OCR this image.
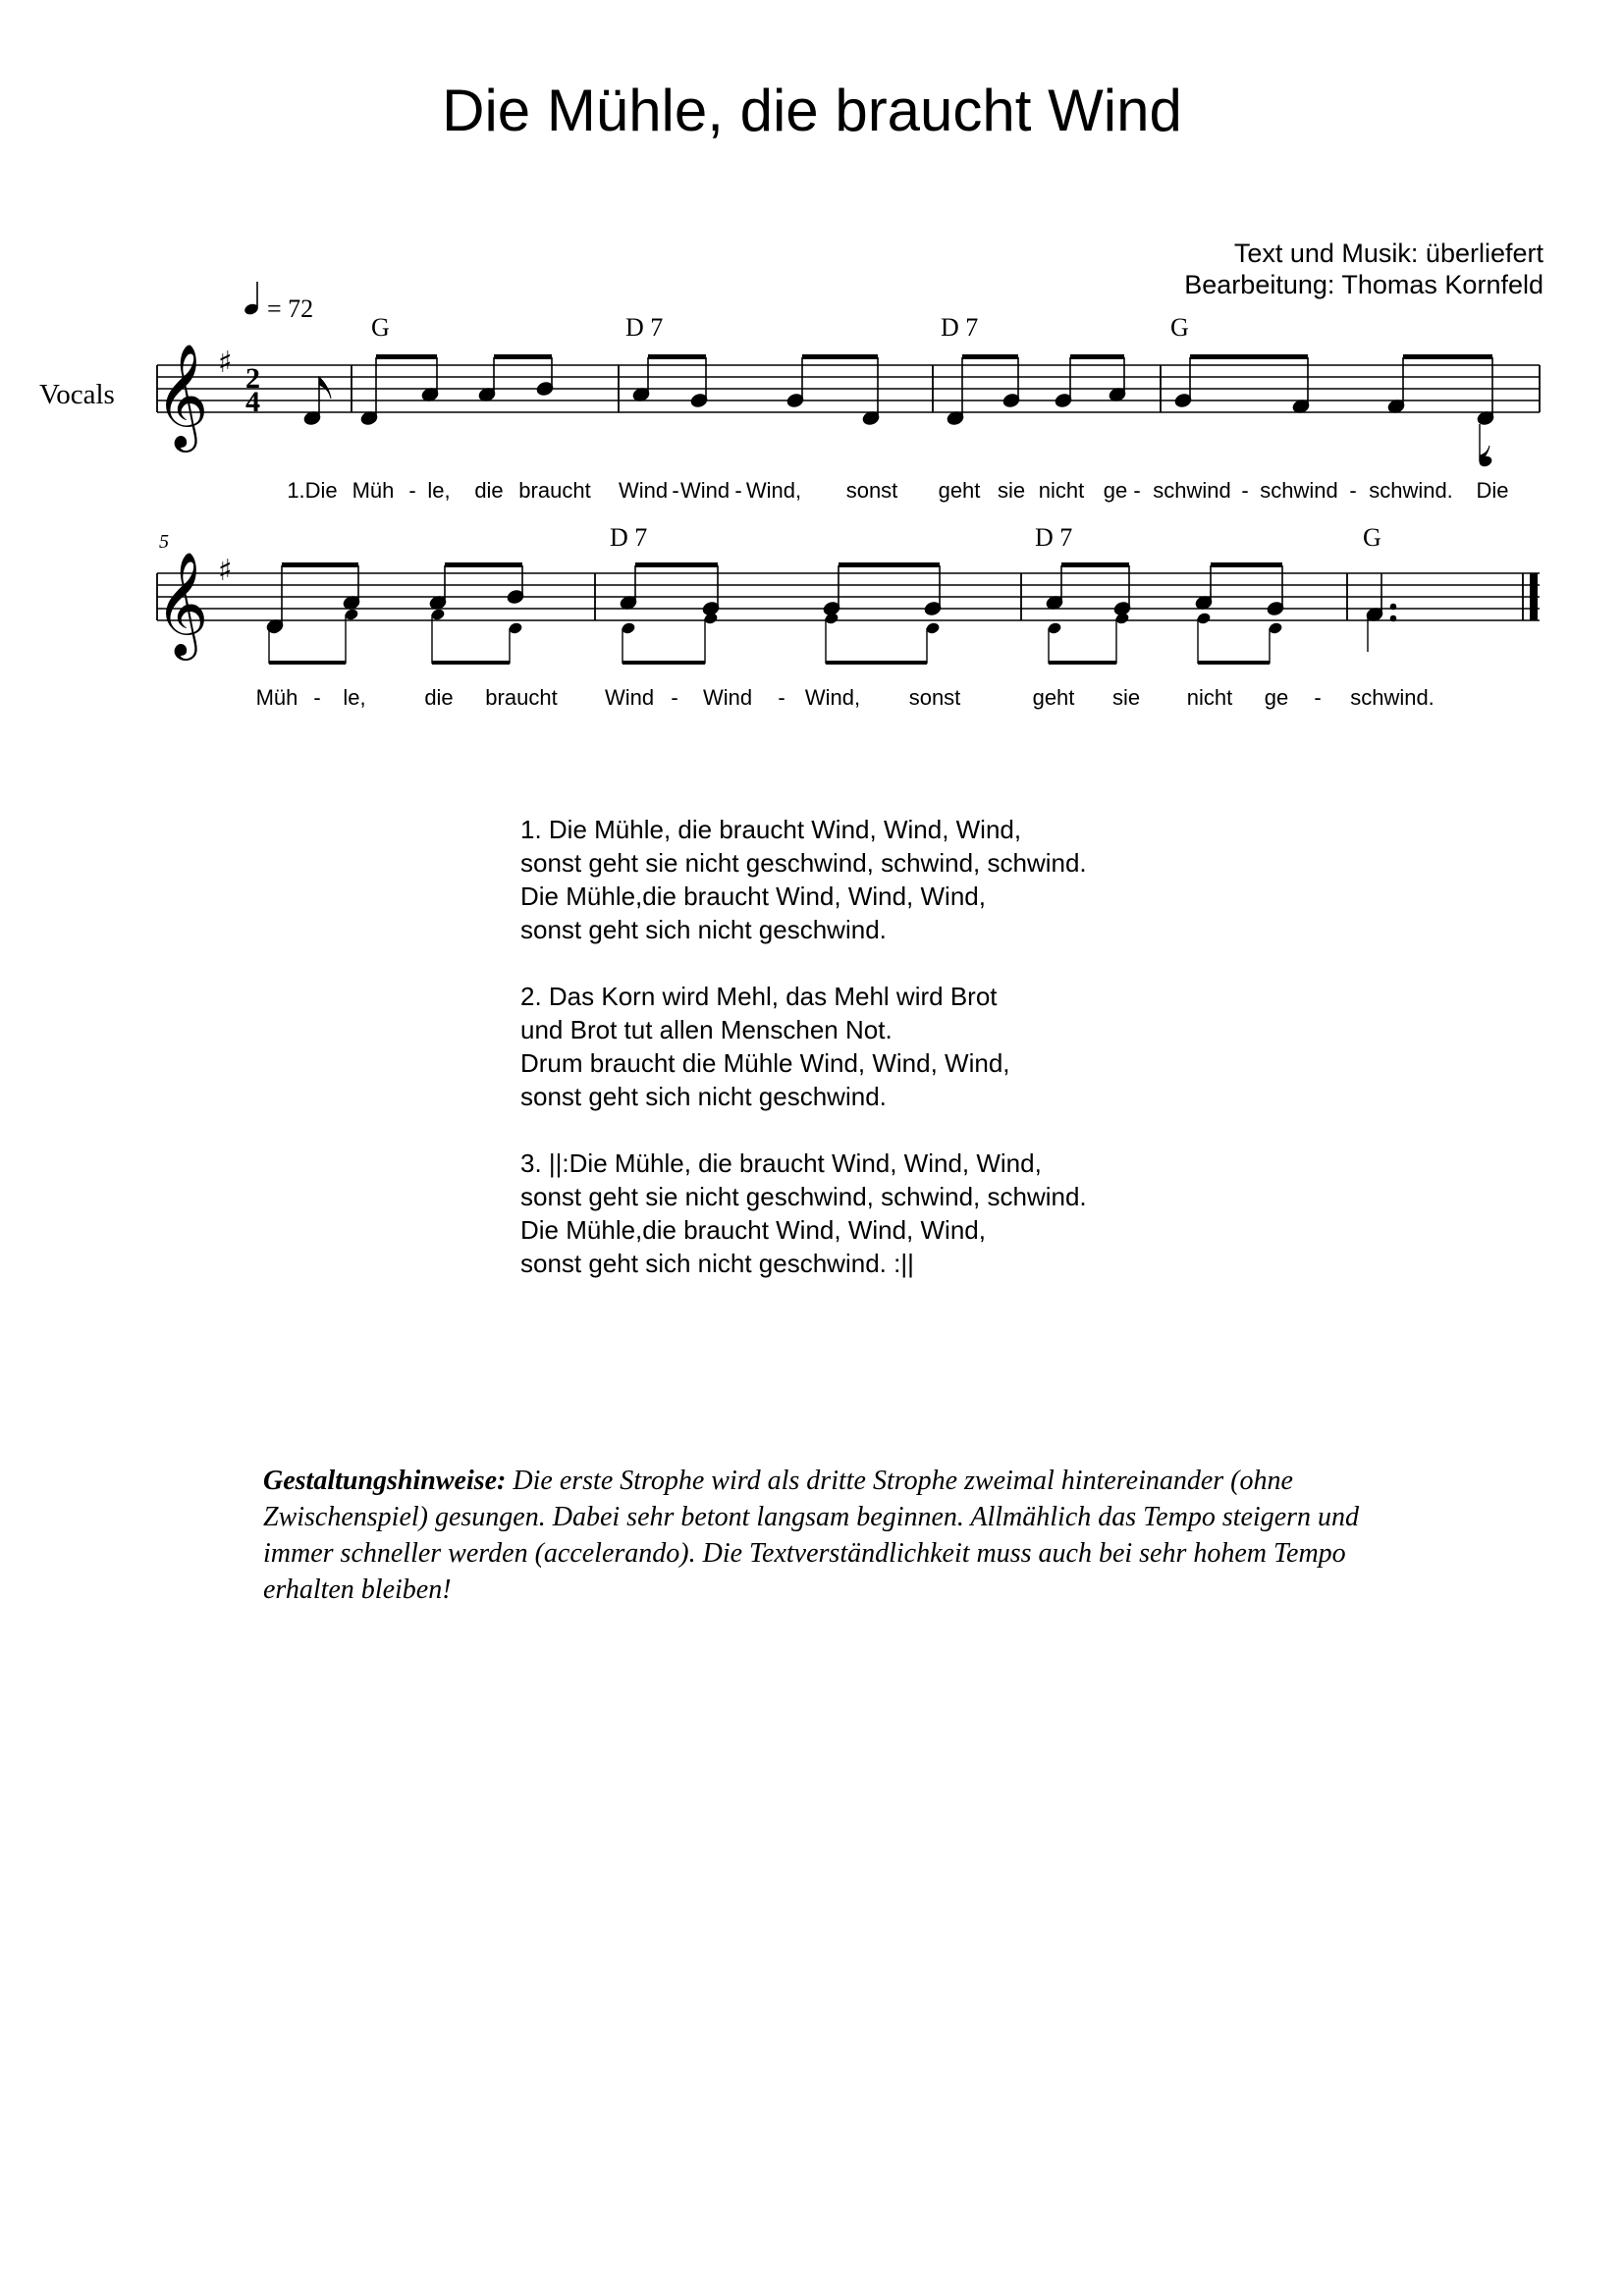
Die Mühle, die braucht Wind
Text und Musik: überliefert
Bearbeitung: Thomas Kornfeld
Vocals 𝄞 ♯ 2
4
= 72
G	D 7	D 7	G
1.Die Müh - le, die braucht Wind - Wind - Wind, sonst geht sie nicht ge - schwind - schwind - schwind. Die
5
𝄞 ♯
D 7	D 7	G
Müh - le,	die braucht Wind - Wind - Wind, sonst	geht sie nicht ge - schwind.
1. Die Mühle, die braucht Wind, Wind, Wind,
sonst geht sie nicht geschwind, schwind, schwind.
Die Mühle,die braucht Wind, Wind, Wind,
sonst geht sich nicht geschwind.
2. Das Korn wird Mehl, das Mehl wird Brot
und Brot tut allen Menschen Not.
Drum braucht die Mühle Wind, Wind, Wind,
sonst geht sich nicht geschwind.
3. ||:Die Mühle, die braucht Wind, Wind, Wind,
sonst geht sie nicht geschwind, schwind, schwind.
Die Mühle,die braucht Wind, Wind, Wind,
sonst geht sich nicht geschwind. :||
Gestaltungshinweise: Die erste Strophe wird als dritte Strophe zweimal hintereinander (ohne Zwischenspiel) gesungen. Dabei sehr betont langsam beginnen. Allmählich das Tempo steigern und immer schneller werden (accelerando). Die Textverständlichkeit muss auch bei sehr hohem Tempo erhalten bleiben!
